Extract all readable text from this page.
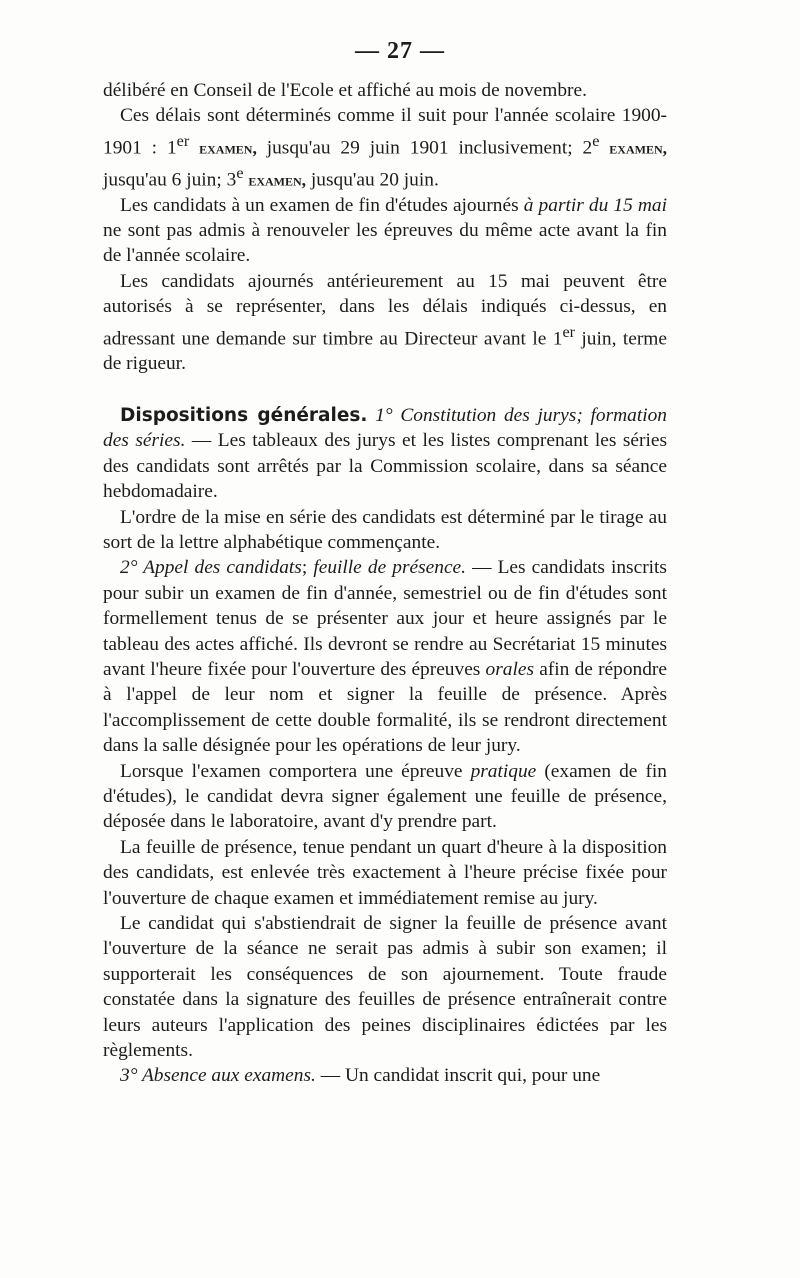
— 27 —

délibéré en Conseil de l'Ecole et affiché au mois de novembre.

Ces délais sont déterminés comme il suit pour l'année scolaire 1900-1901 : 1er examen, jusqu'au 29 juin 1901 inclusivement; 2e examen, jusqu'au 6 juin; 3e examen, jusqu'au 20 juin.

Les candidats à un examen de fin d'études ajournés à partir du 15 mai ne sont pas admis à renouveler les épreuves du même acte avant la fin de l'année scolaire.

Les candidats ajournés antérieurement au 15 mai peuvent être autorisés à se représenter, dans les délais indiqués ci-dessus, en adressant une demande sur timbre au Directeur avant le 1er juin, terme de rigueur.

Dispositions générales. 1° Constitution des jurys; formation des séries. — Les tableaux des jurys et les listes comprenant les séries des candidats sont arrêtés par la Commission scolaire, dans sa séance hebdomadaire.

L'ordre de la mise en série des candidats est déterminé par le tirage au sort de la lettre alphabétique commençante.

2° Appel des candidats; feuille de présence. — Les candidats inscrits pour subir un examen de fin d'année, semestriel ou de fin d'études sont formellement tenus de se présenter aux jour et heure assignés par le tableau des actes affiché. Ils devront se rendre au Secrétariat 15 minutes avant l'heure fixée pour l'ouverture des épreuves orales afin de répondre à l'appel de leur nom et signer la feuille de présence. Après l'accomplissement de cette double formalité, ils se rendront directement dans la salle désignée pour les opérations de leur jury.

Lorsque l'examen comportera une épreuve pratique (examen de fin d'études), le candidat devra signer également une feuille de présence, déposée dans le laboratoire, avant d'y prendre part.

La feuille de présence, tenue pendant un quart d'heure à la disposition des candidats, est enlevée très exactement à l'heure précise fixée pour l'ouverture de chaque examen et immédiatement remise au jury.

Le candidat qui s'abstiendrait de signer la feuille de présence avant l'ouverture de la séance ne serait pas admis à subir son examen; il supporterait les conséquences de son ajournement. Toute fraude constatée dans la signature des feuilles de présence entraînerait contre leurs auteurs l'application des peines disciplinaires édictées par les règlements.

3° Absence aux examens. — Un candidat inscrit qui, pour une
